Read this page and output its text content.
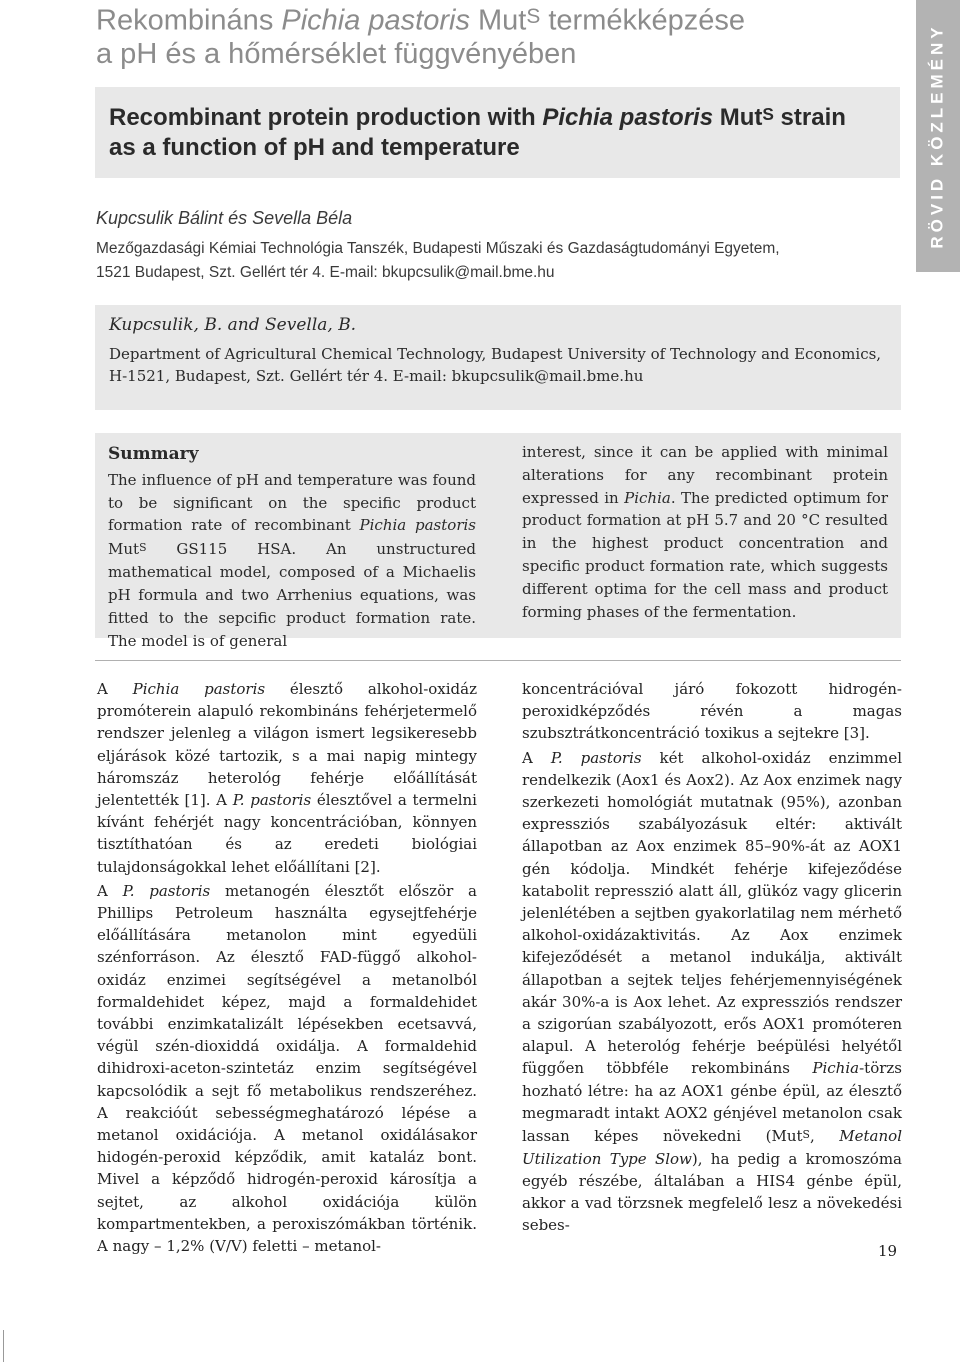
Rekombináns Pichia pastoris Mut$^S$ termékképzése
a pH és a hőmérséklet függvényében
Recombinant protein production with Pichia pastoris Mut$^S$ strain
as a function of pH and temperature
Kupcsulik Bálint és Sevella Béla
Mezőgazdasági Kémiai Technológia Tanszék, Budapesti Műszaki és Gazdaságtudományi Egyetem,
1521 Budapest, Szt. Gellért tér 4. E-mail: bkupcsulik@mail.bme.hu
RÖVID KÖZLEMÉNY
Kupcsulik, B. and Sevella, B.
Department of Agricultural Chemical Technology, Budapest University of Technology and Economics,
H-1521, Budapest, Szt. Gellért tér 4. E-mail: bkupcsulik@mail.bme.hu
Summary
The influence of pH and temperature was found to be significant on the specific product formation rate of recombinant Pichia pastoris Mut$^S$ GS115 HSA. An unstructured mathematical model, composed of a Michaelis pH formula and two Arrhenius equations, was fitted to the sepcific product formation rate. The model is of general
interest, since it can be applied with minimal alterations for any recombinant protein expressed in Pichia. The predicted optimum for product formation at pH 5.7 and 20 °C resulted in the highest product concentration and specific product formation rate, which suggests different optima for the cell mass and product forming phases of the fermentation.

A Pichia pastoris élesztő alkohol-oxidáz promóterein alapuló rekombináns fehérjetermelő rendszer jelenleg a világon ismert legsikeresebb eljárások közé tartozik, s a mai napig mintegy háromszáz heterológ fehérje előállítását jelentették [1]. A P. pastoris élesztővel a termelni kívánt fehérjét nagy koncentrációban, könnyen tisztíthatóan és az eredeti biológiai tulajdonságokkal lehet előállítani [2].

A P. pastoris metanogén élesztőt először a Phillips Petroleum használta egysejtfehérje előállítására metanolon mint egyedüli szénforráson. Az élesztő FAD-függő alkohol-oxidáz enzimei segítségével a metanolból formaldehidet képez, majd a formaldehidet további enzimkatalizált lépésekben ecetsavvá, végül szén-dioxiddá oxidálja. A formaldehid dihidroxi-aceton-szintetáz enzim segítségével kapcsolódik a sejt fő metabolikus rendszeréhez. A reakcióút sebességmeghatározó lépése a metanol oxidációja. A metanol oxidálásakor hidogén-peroxid képződik, amit kataláz bont. Mivel a képződő hidrogén-peroxid károsítja a sejtet, az alkohol oxidációja külön kompartmentekben, a peroxiszómákban történik. A nagy – 1,2% (V/V) feletti – metanol-

koncentrációval járó fokozott hidrogén-peroxidképződés révén a magas szubsztrátkoncentráció toxikus a sejtekre [3].

A P. pastoris két alkohol-oxidáz enzimmel rendelkezik (Aox1 és Aox2). Az Aox enzimek nagy szerkezeti homológiát mutatnak (95%), azonban expressziós szabályozásuk eltér: aktivált állapotban az Aox enzimek 85–90%-át az AOX1 gén kódolja. Mindkét fehérje kifejeződése katabolit represszió alatt áll, glükóz vagy glicerin jelenlétében a sejtben gyakorlatilag nem mérhető alkohol-oxidázaktivitás. Az Aox enzimek kifejeződését a metanol indukálja, aktivált állapotban a sejtek teljes fehérjemennyiségének akár 30%-a is Aox lehet. Az expressziós rendszer a szigorúan szabályozott, erős AOX1 promóteren alapul. A heterológ fehérje beépülési helyétől függően többféle rekombináns Pichia-törzs hozható létre: ha az AOX1 génbe épül, az élesztő megmaradt intakt AOX2 génjével metanolon csak lassan képes növekedni (Mut$^S$, Metanol Utilization Type Slow), ha pedig a kromoszóma egyéb részébe, általában a HIS4 génbe épül, akkor a vad törzsnek megfelelő lesz a növekedési sebes-

19
